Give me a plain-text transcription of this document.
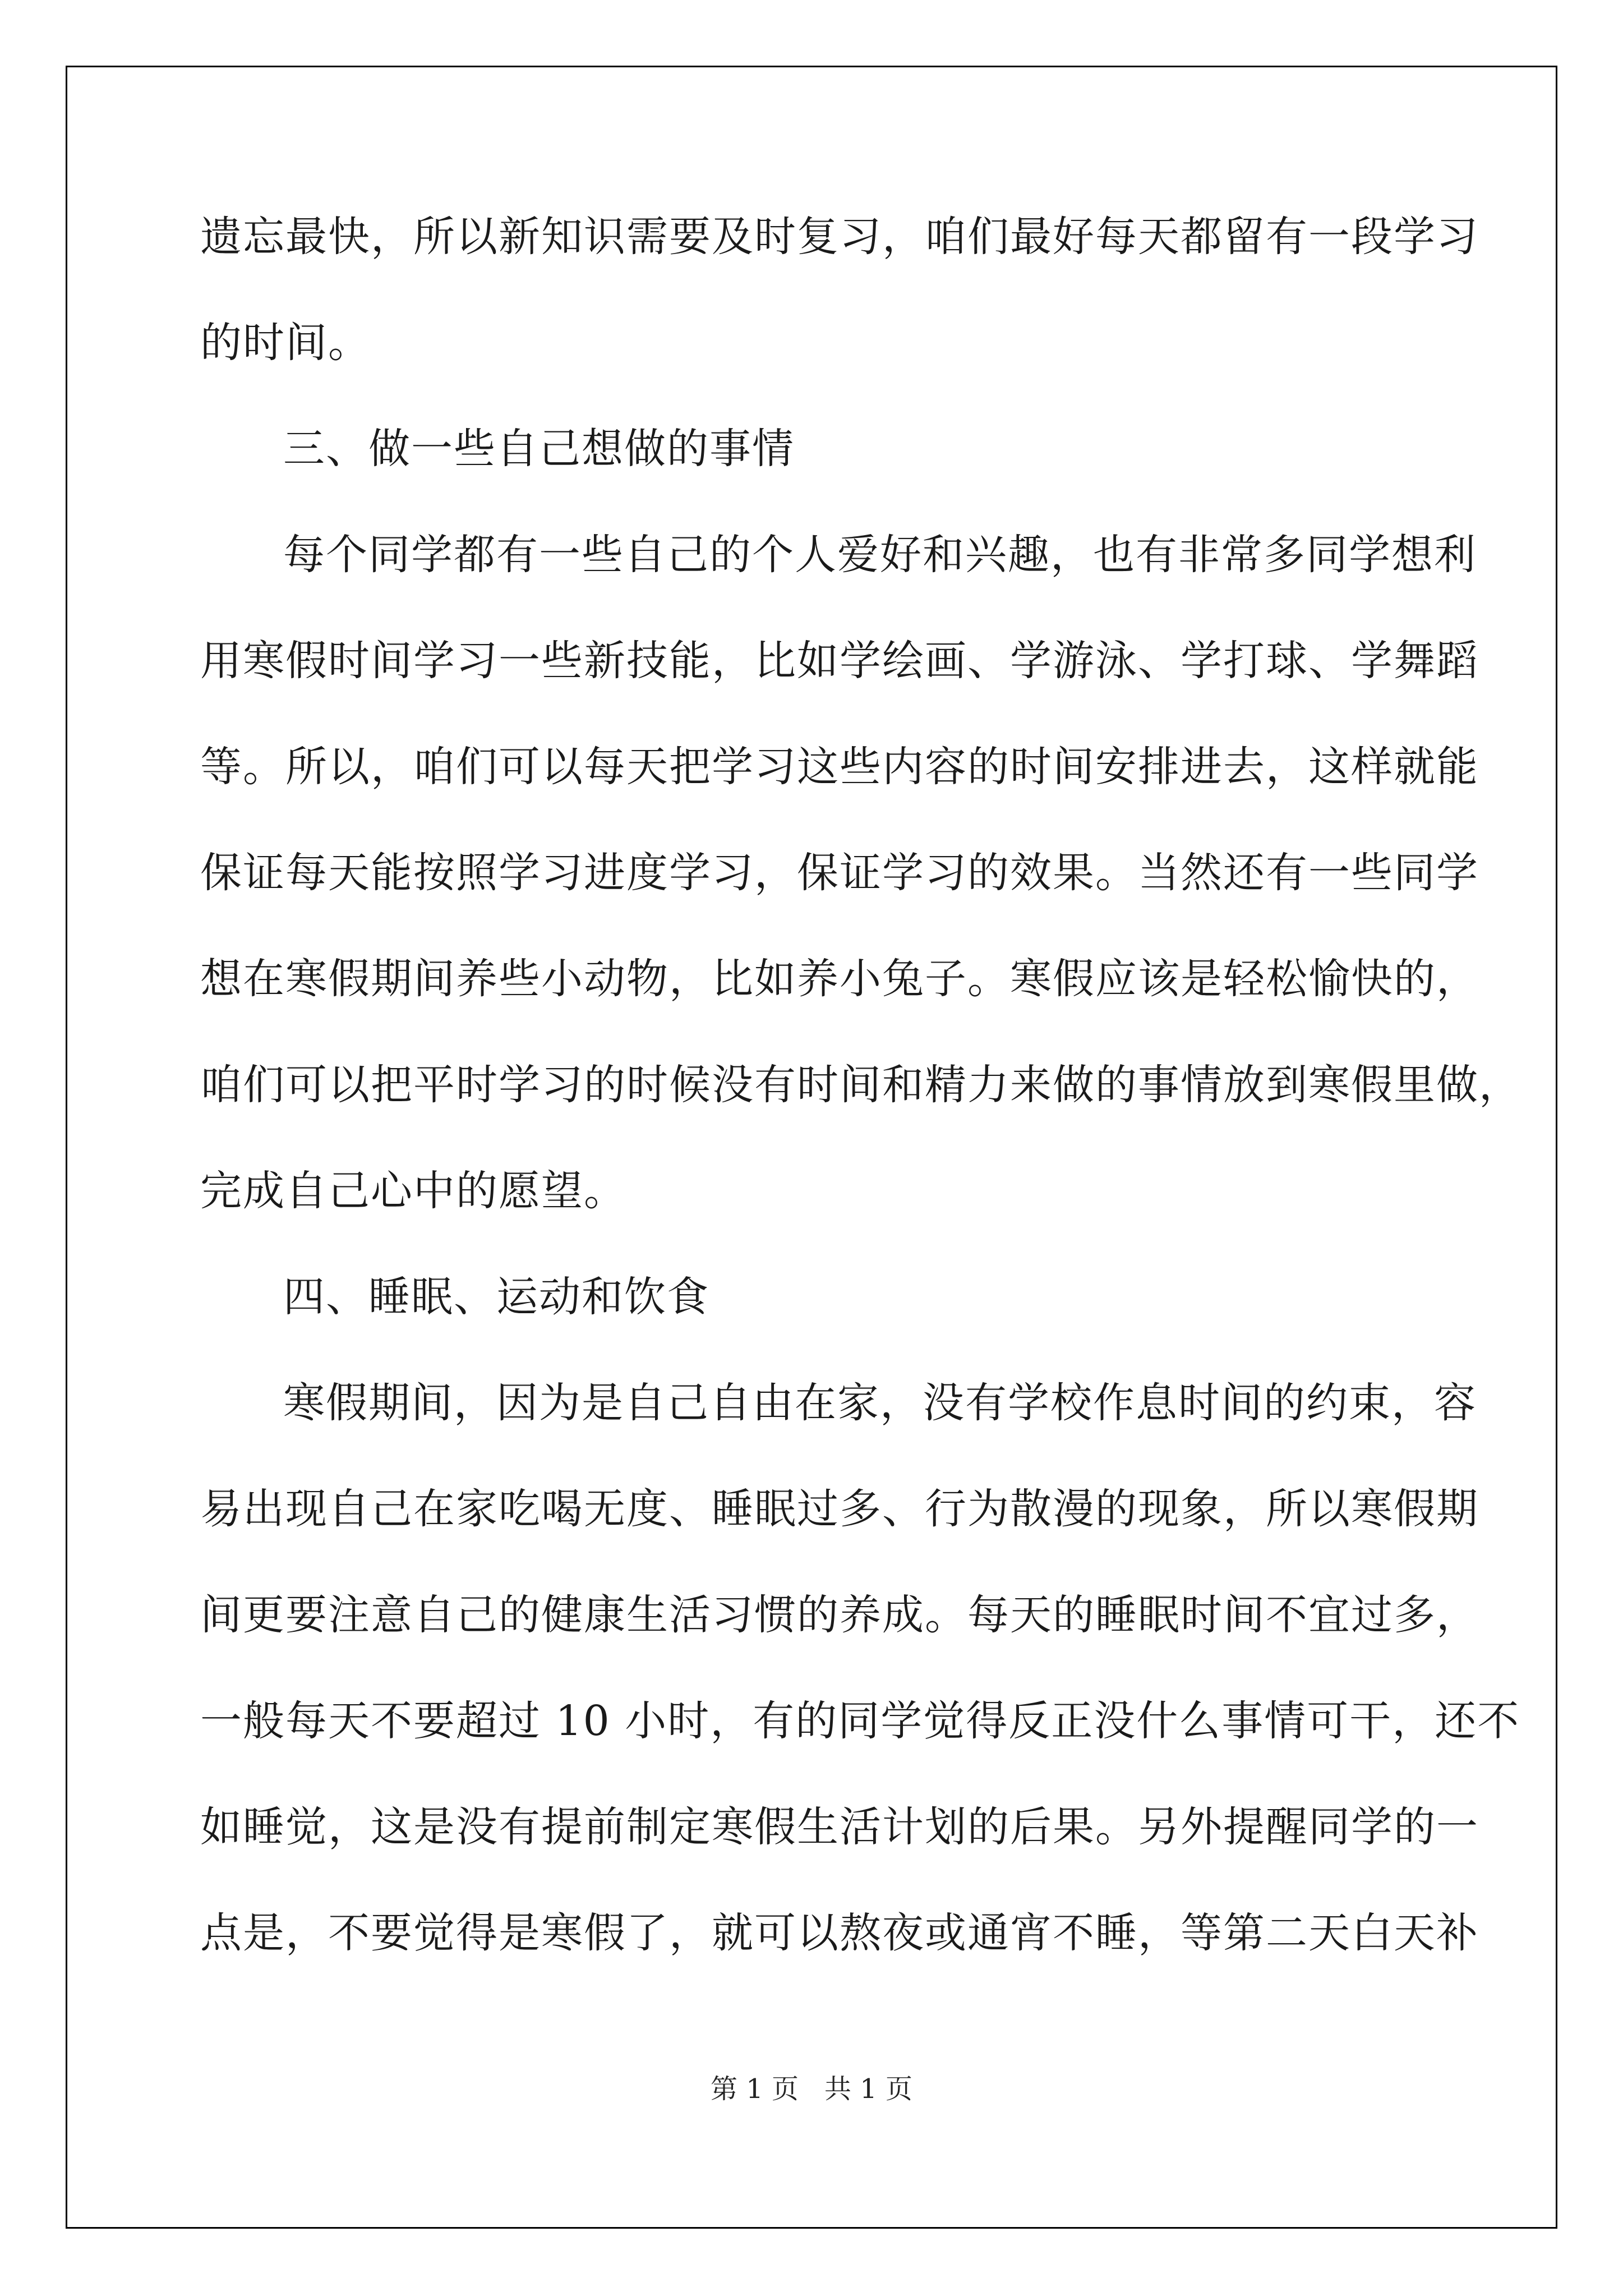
遗忘最快，所以新知识需要及时复习，咱们最好每天都留有一段学习
的时间。
三、做一些自己想做的事情
每个同学都有一些自己的个人爱好和兴趣，也有非常多同学想利
用寒假时间学习一些新技能，比如学绘画、学游泳、学打球、学舞蹈
等。所以，咱们可以每天把学习这些内容的时间安排进去，这样就能
保证每天能按照学习进度学习，保证学习的效果。当然还有一些同学
想在寒假期间养些小动物，比如养小兔子。寒假应该是轻松愉快的，
咱们可以把平时学习的时候没有时间和精力来做的事情放到寒假里做，
完成自己心中的愿望。
四、睡眠、运动和饮食
寒假期间，因为是自己自由在家，没有学校作息时间的约束，容
易出现自己在家吃喝无度、睡眠过多、行为散漫的现象，所以寒假期
间更要注意自己的健康生活习惯的养成。每天的睡眠时间不宜过多，
一般每天不要超过 10 小时，有的同学觉得反正没什么事情可干，还不
如睡觉，这是没有提前制定寒假生活计划的后果。另外提醒同学的一
点是，不要觉得是寒假了，就可以熬夜或通宵不睡，等第二天白天补
第 1 页 共 1 页
